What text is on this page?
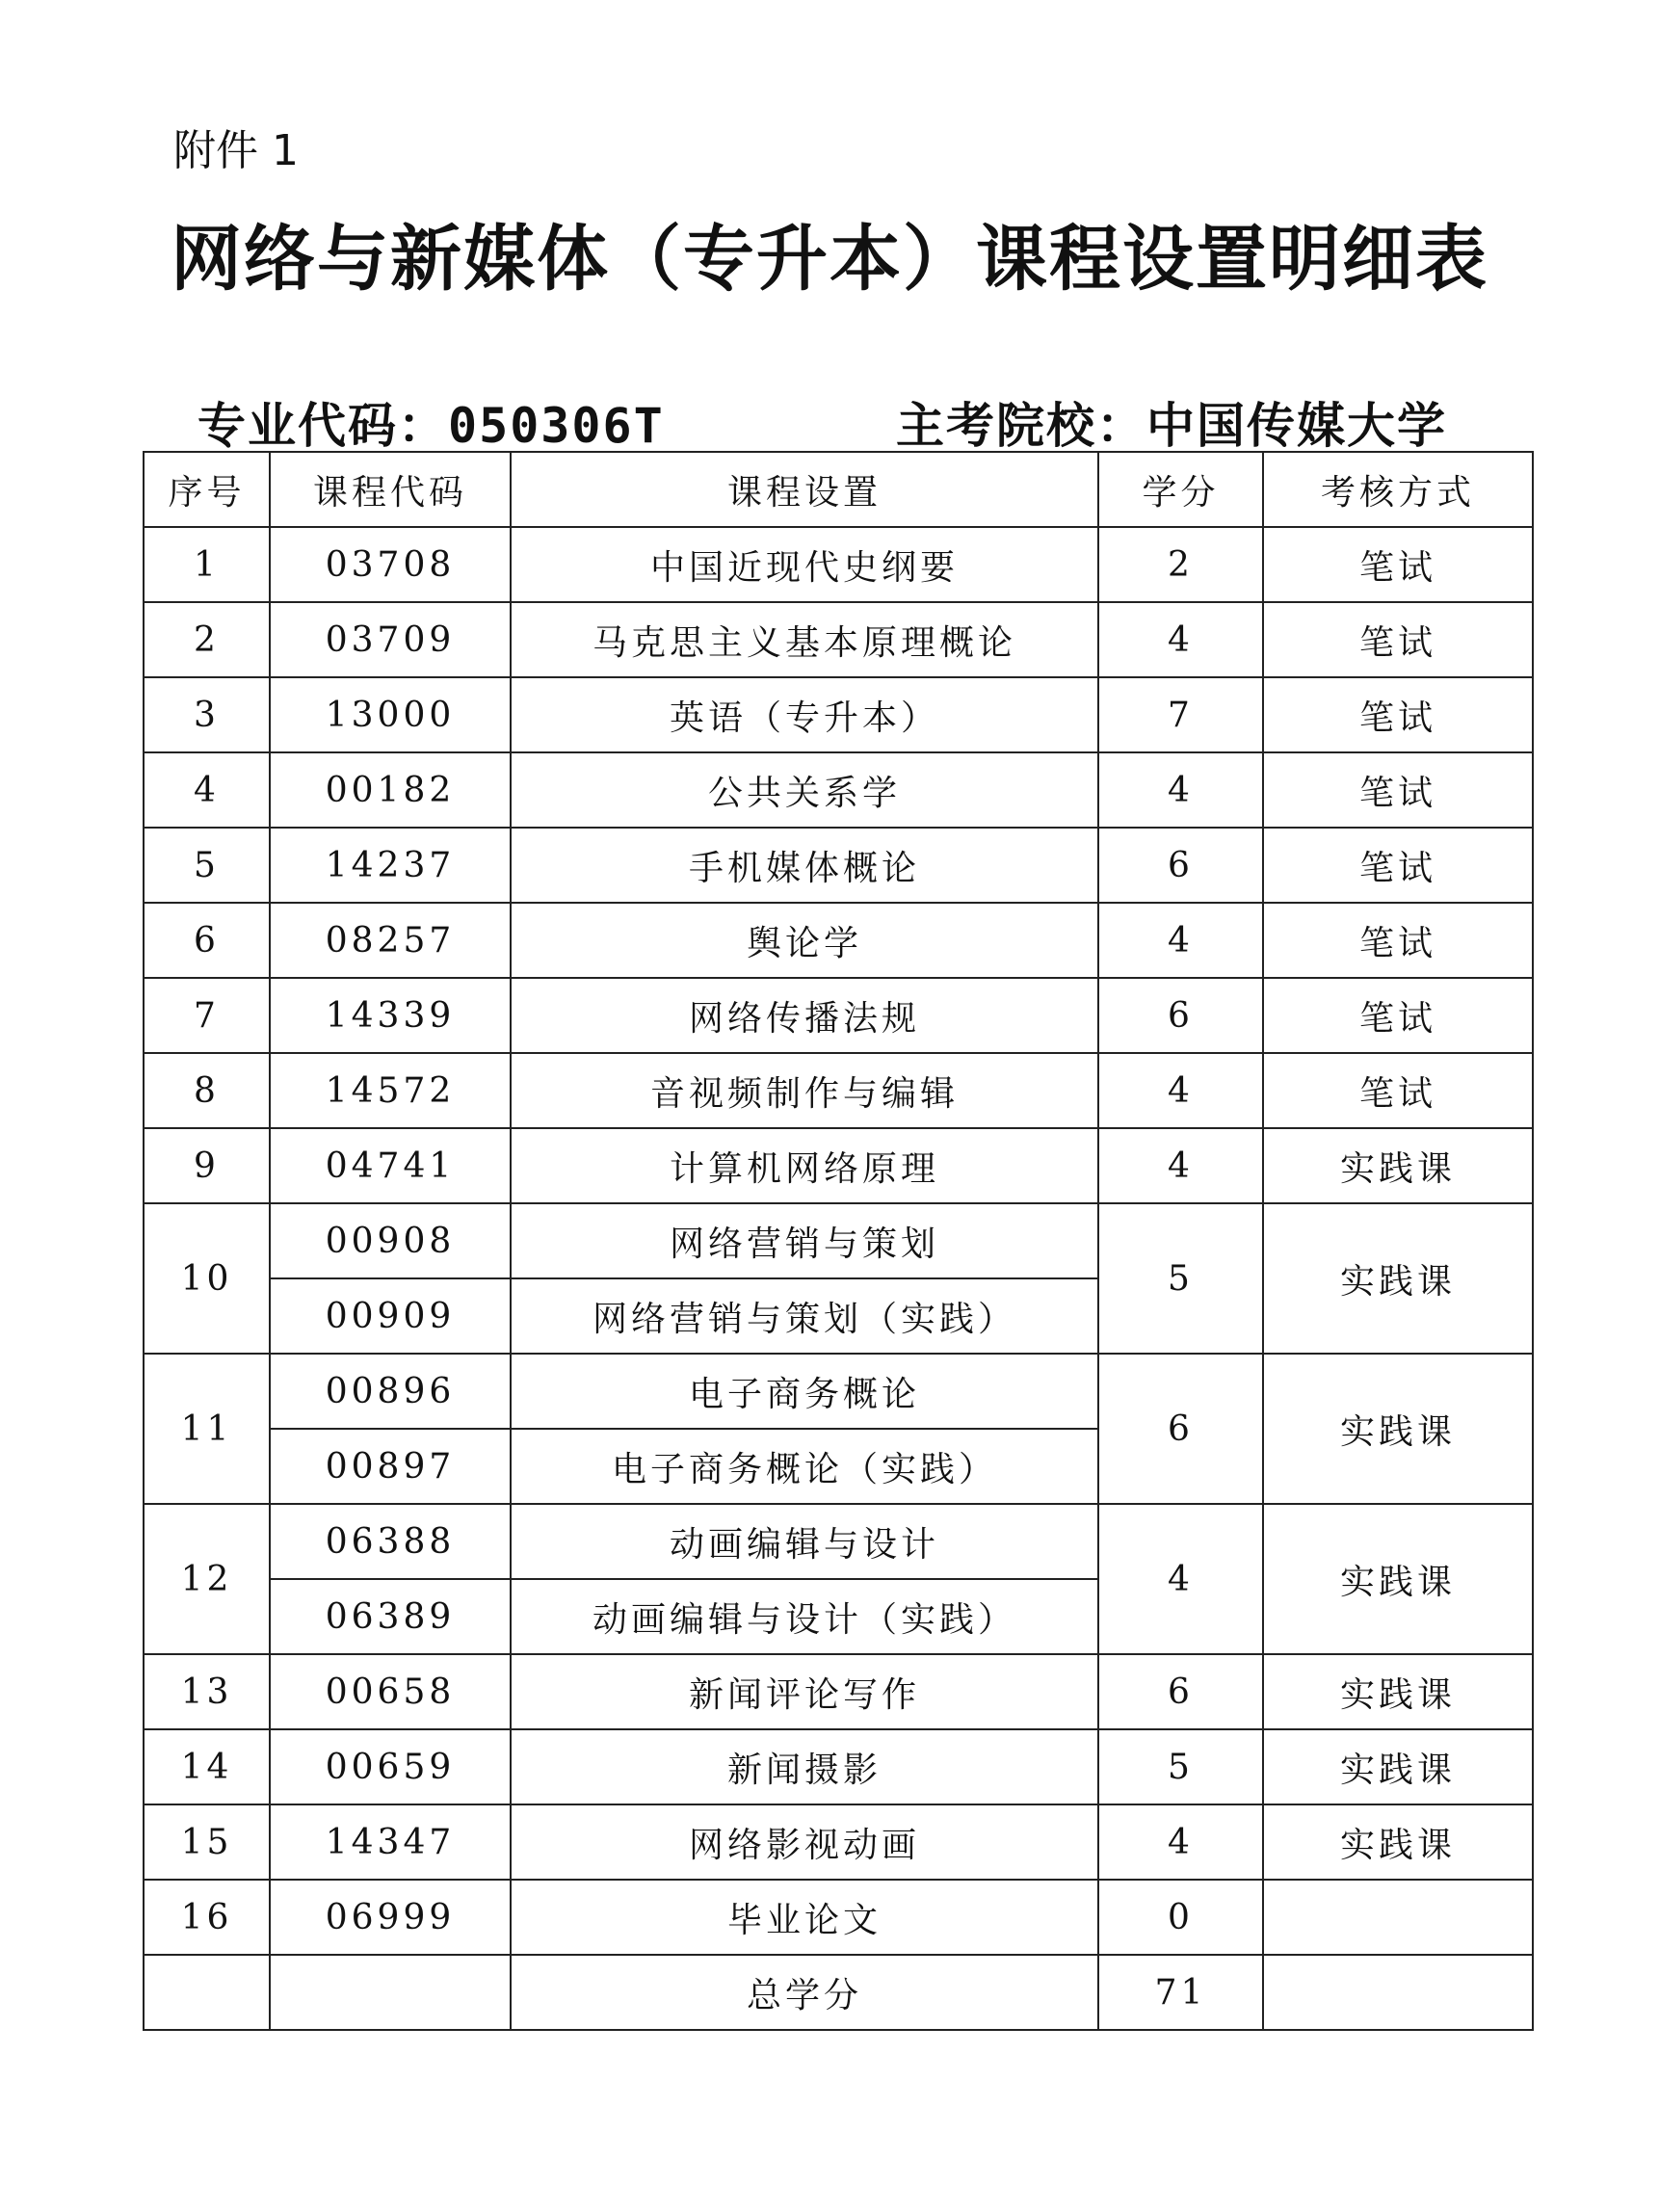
附件 1
网络与新媒体（专升本）课程设置明细表
专业代码：050306T	主考院校：中国传媒大学
序号	课程代码	课程设置	学分	考核方式
1	03708	中国近现代史纲要	2	笔试
2	03709	马克思主义基本原理概论	4	笔试
3	13000	英语（专升本）	7	笔试
4	00182	公共关系学	4	笔试
5	14237	手机媒体概论	6	笔试
6	08257	舆论学	4	笔试
7	14339	网络传播法规	6	笔试
8	14572	音视频制作与编辑	4	笔试
9	04741	计算机网络原理	4	实践课
10	00908	网络营销与策划	5	实践课
	00909	网络营销与策划（实践）		
11	00896	电子商务概论	6	实践课
	00897	电子商务概论（实践）		
12	06388	动画编辑与设计	4	实践课
	06389	动画编辑与设计（实践）		
13	00658	新闻评论写作	6	实践课
14	00659	新闻摄影	5	实践课
15	14347	网络影视动画	4	实践课
16	06999	毕业论文	0	
		总学分	71	
